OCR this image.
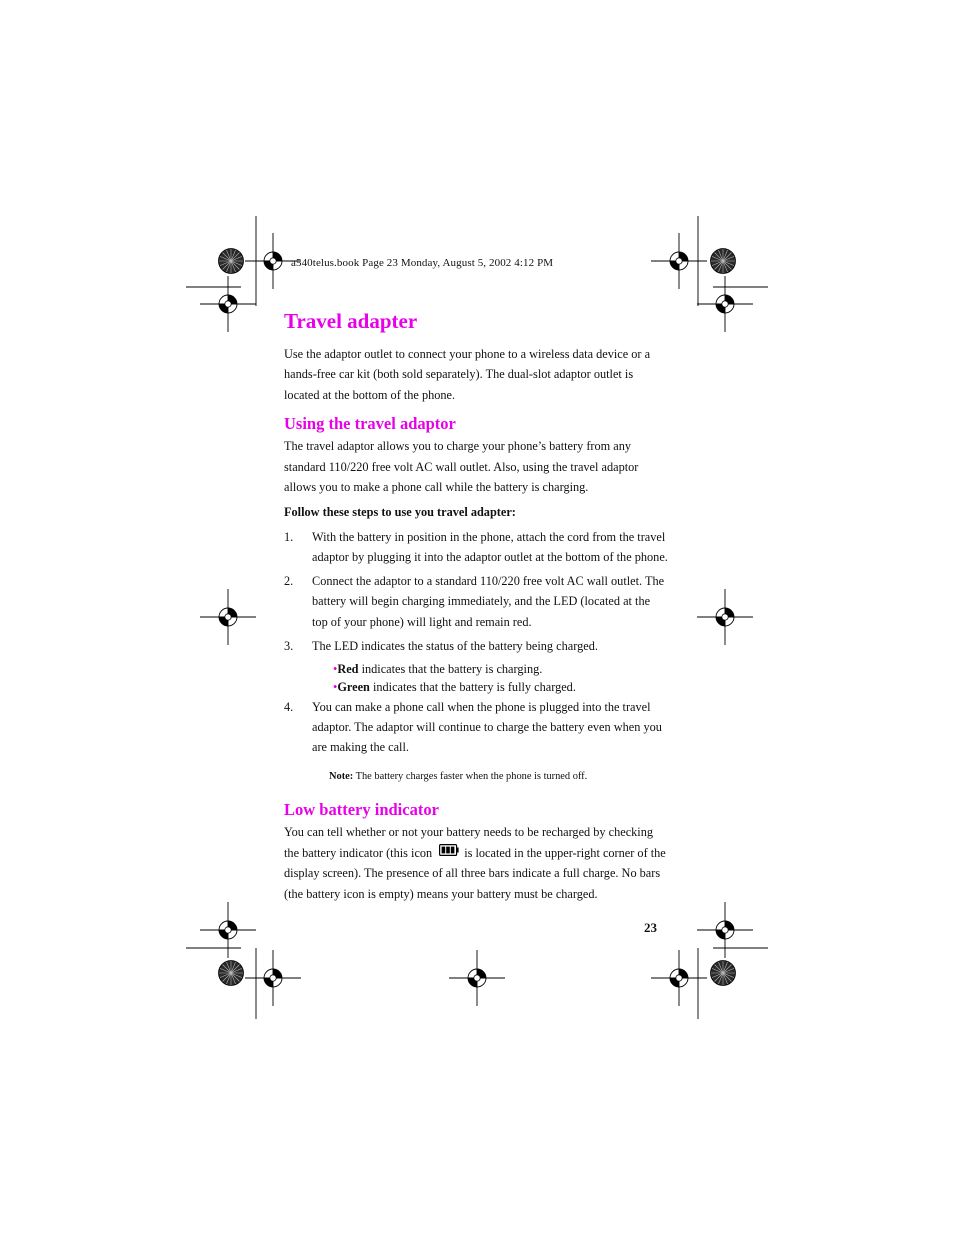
a540telus.book Page 23 Monday, August 5, 2002 4:12 PM
Travel adapter

Use the adaptor outlet to connect your phone to a wireless data device or a hands-free car kit (both sold separately). The dual-slot adaptor outlet is located at the bottom of the phone.

Using the travel adaptor

The travel adaptor allows you to charge your phone’s battery from any standard 110/220 free volt AC wall outlet. Also, using the travel adaptor allows you to make a phone call while the battery is charging.

Follow these steps to use you travel adapter:

1.	With the battery in position in the phone, attach the cord from the travel adaptor by plugging it into the adaptor outlet at the bottom of the phone.
2.	Connect the adaptor to a standard 110/220 free volt AC wall outlet. The battery will begin charging immediately, and the LED (located at the top of your phone) will light and remain red.
3.	The LED indicates the status of the battery being charged.
•Red indicates that the battery is charging.
•Green indicates that the battery is fully charged.
4.	You can make a phone call when the phone is plugged into the travel adaptor. The adaptor will continue to charge the battery even when you are making the call.
Note: The battery charges faster when the phone is turned off.
Low battery indicator

You can tell whether or not your battery needs to be recharged by checking the battery indicator (this icon	is located in the upper-right corner of the display screen). The presence of all three bars indicate a full charge. No bars (the battery icon is empty) means your battery must be charged.

23
